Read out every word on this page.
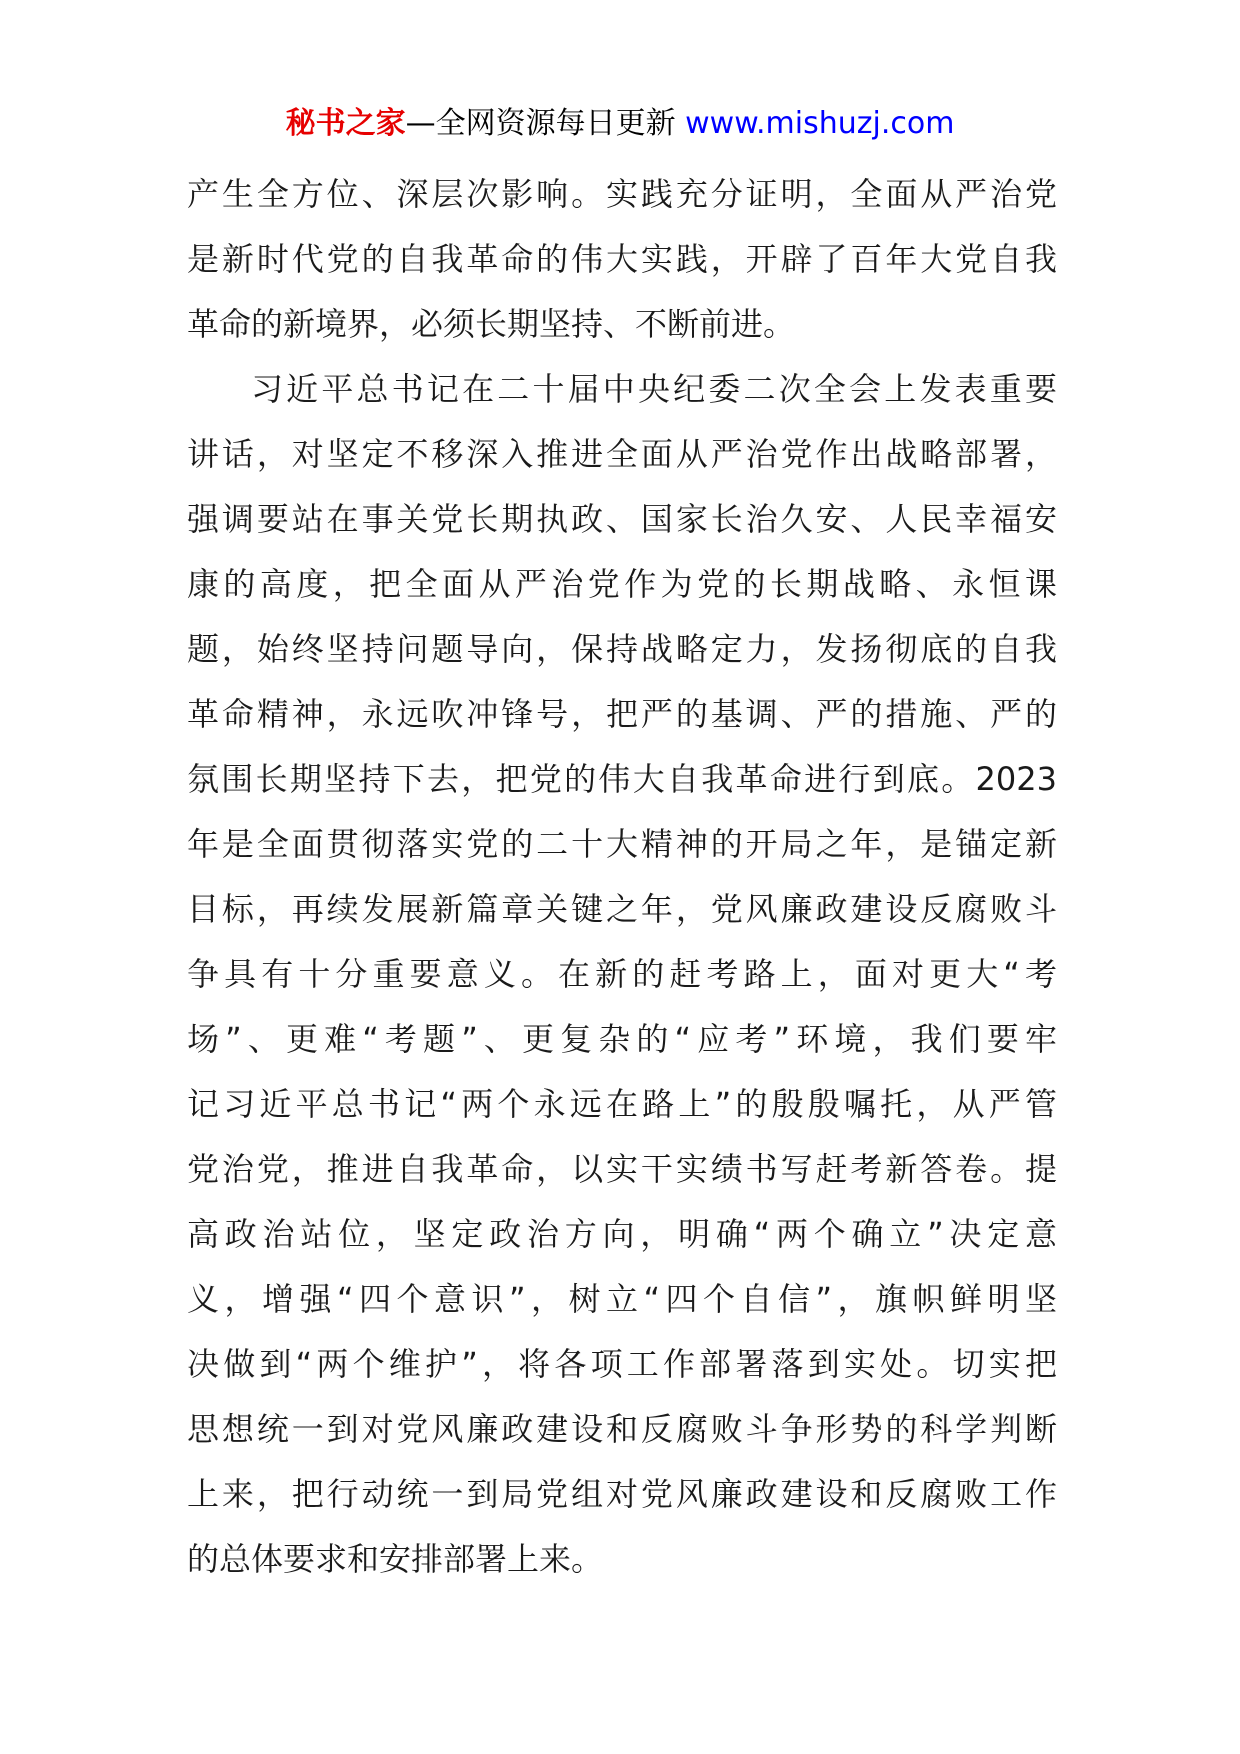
秘书之家—全网资源每日更新 www.mishuzj.com
产生全方位、深层次影响。实践充分证明，全面从严治党
是新时代党的自我革命的伟大实践，开辟了百年大党自我
革命的新境界，必须长期坚持、不断前进。
习近平总书记在二十届中央纪委二次全会上发表重要
讲话，对坚定不移深入推进全面从严治党作出战略部署，
强调要站在事关党长期执政、国家长治久安、人民幸福安
康的高度，把全面从严治党作为党的长期战略、永恒课
题，始终坚持问题导向，保持战略定力，发扬彻底的自我
革命精神，永远吹冲锋号，把严的基调、严的措施、严的
氛围长期坚持下去，把党的伟大自我革命进行到底。2023
年是全面贯彻落实党的二十大精神的开局之年，是锚定新
目标，再续发展新篇章关键之年，党风廉政建设反腐败斗
争具有十分重要意义。在新的赶考路上，面对更大“考
场”、更难“考题”、更复杂的“应考”环境，我们要牢
记习近平总书记“两个永远在路上”的殷殷嘱托，从严管
党治党，推进自我革命，以实干实绩书写赶考新答卷。提
高政治站位，坚定政治方向，明确“两个确立”决定意
义，增强“四个意识”，树立“四个自信”，旗帜鲜明坚
决做到“两个维护”，将各项工作部署落到实处。切实把
思想统一到对党风廉政建设和反腐败斗争形势的科学判断
上来，把行动统一到局党组对党风廉政建设和反腐败工作
的总体要求和安排部署上来。
